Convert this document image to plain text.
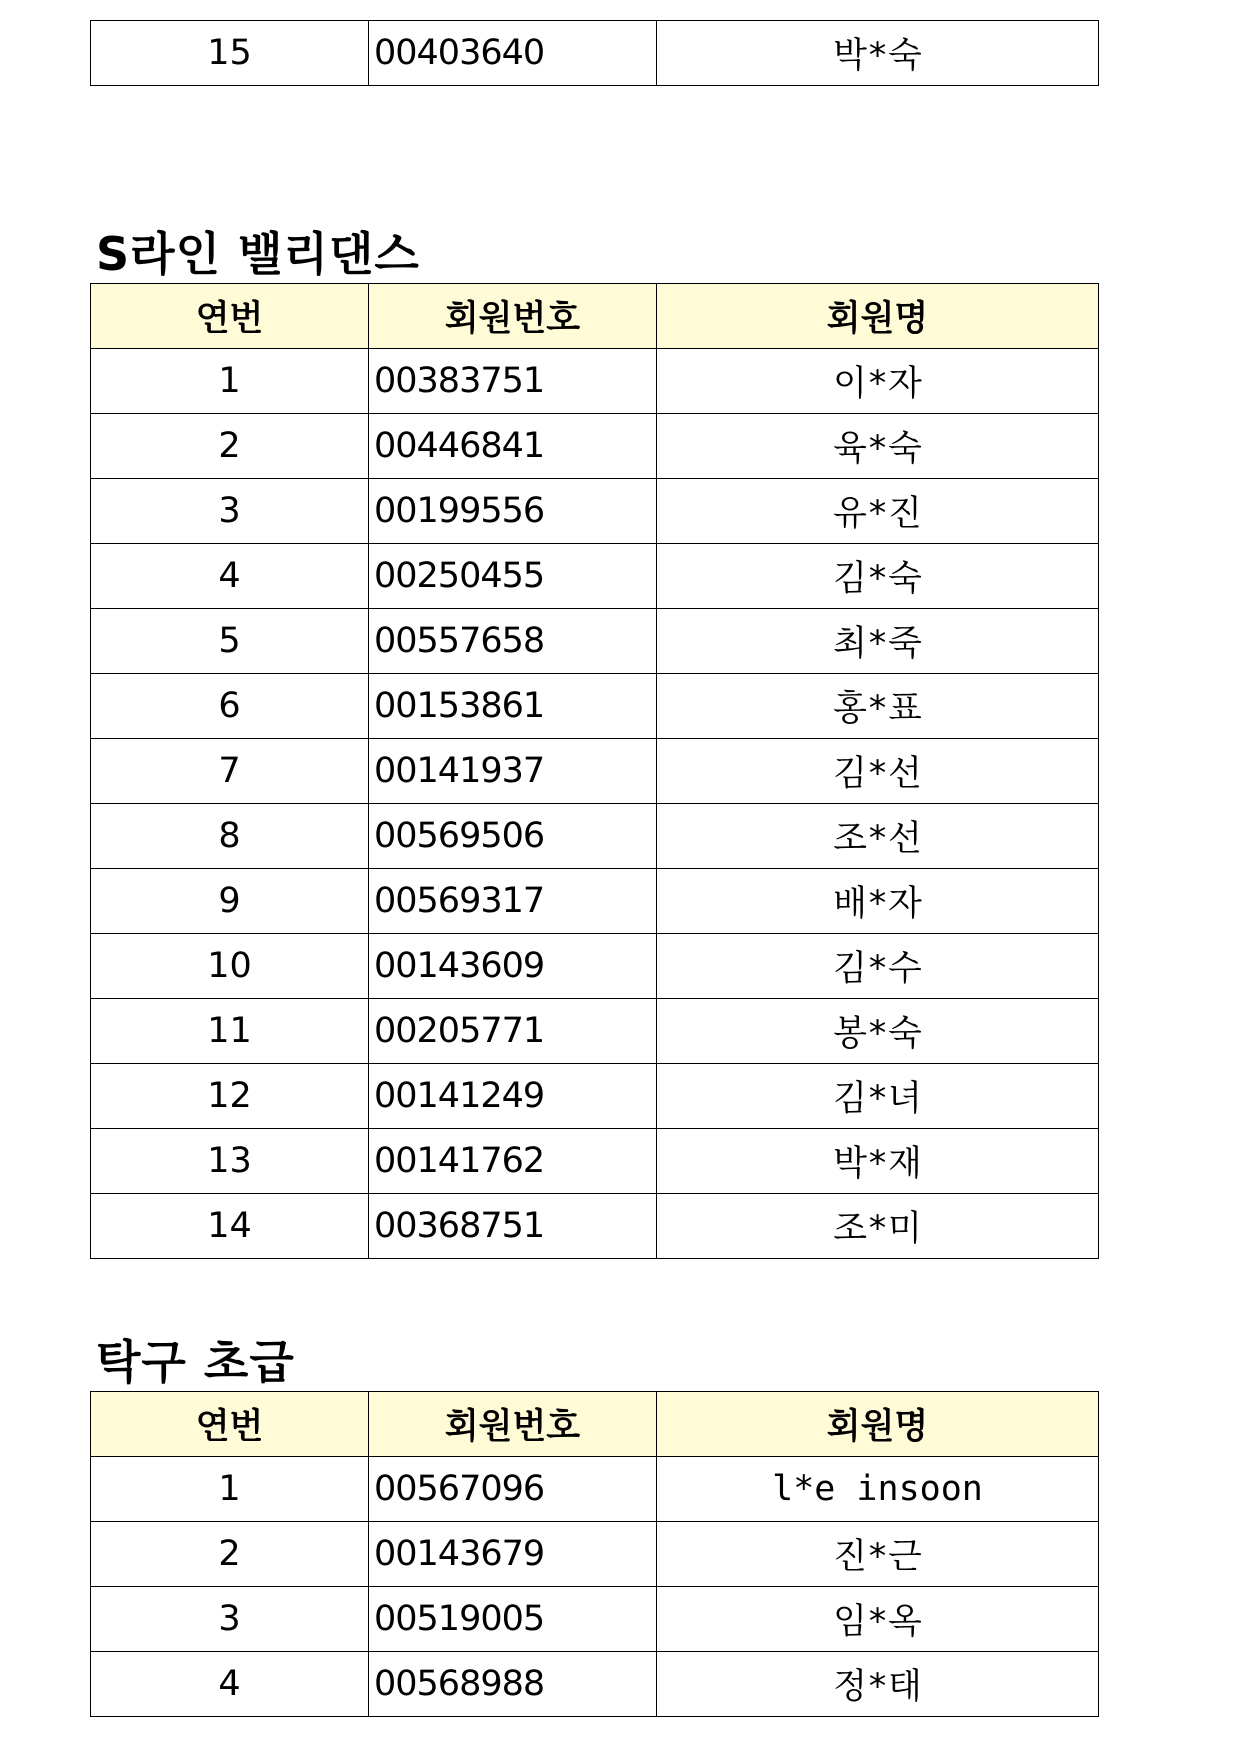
15	00403640	박*숙
S라인 밸리댄스
연번	회원번호	회원명
1	00383751	이*자
2	00446841	육*숙
3	00199556	유*진
4	00250455	김*숙
5	00557658	최*죽
6	00153861	홍*표
7	00141937	김*선
8	00569506	조*선
9	00569317	배*자
10	00143609	김*수
11	00205771	봉*숙
12	00141249	김*녀
13	00141762	박*재
14	00368751	조*미
탁구 초급
연번	회원번호	회원명
1	00567096	l*e insoon
2	00143679	진*근
3	00519005	임*옥
4	00568988	정*태
